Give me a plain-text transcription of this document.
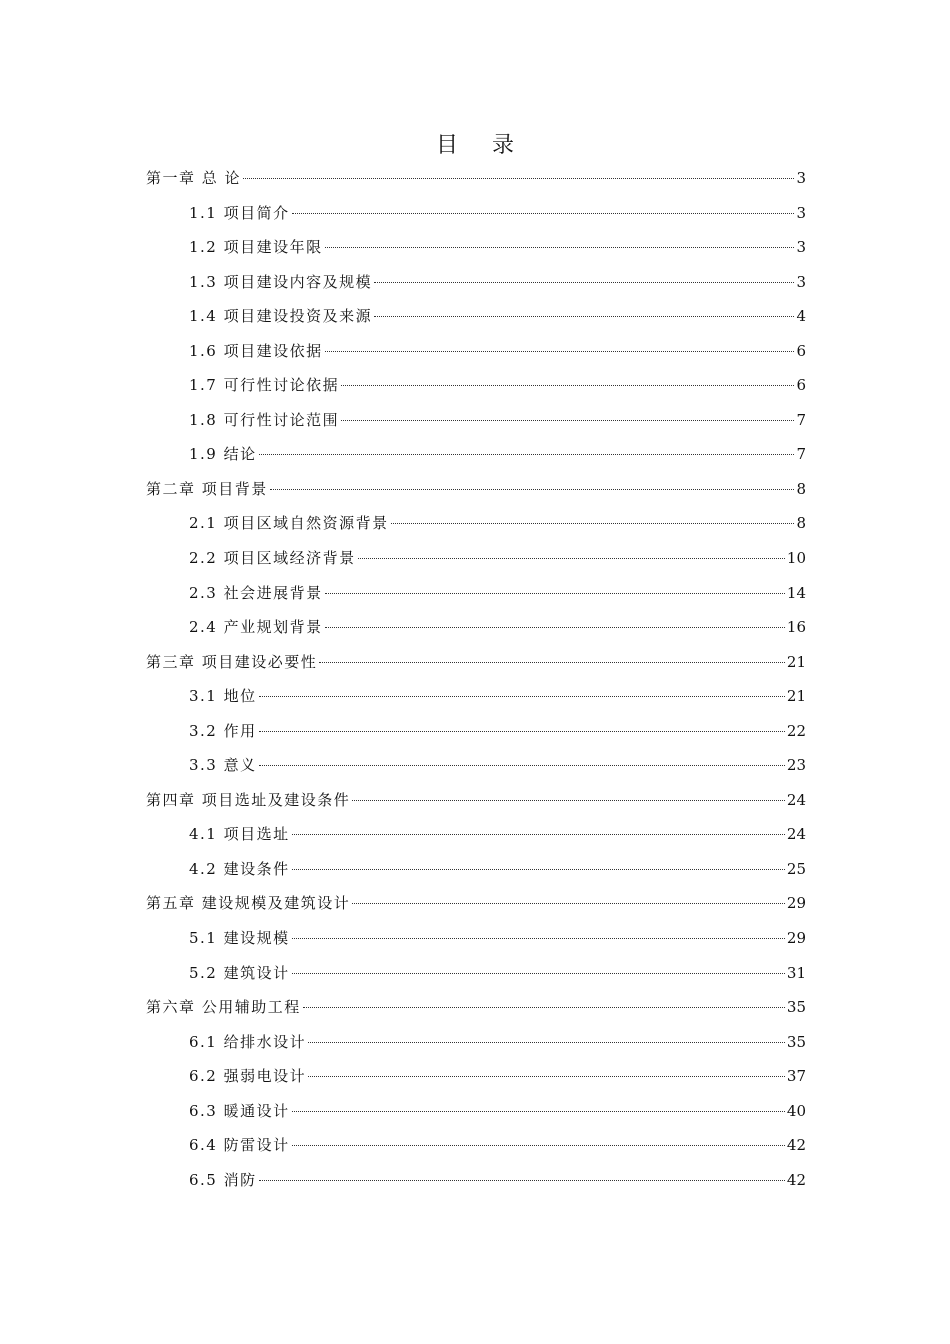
目录
第一章 总 论	3
1.1 项目简介	3
1.2 项目建设年限	3
1.3 项目建设内容及规模	3
1.4 项目建设投资及来源	4
1.6 项目建设依据	6
1.7 可行性讨论依据	6
1.8 可行性讨论范围	7
1.9 结论	7
第二章 项目背景	8
2.1 项目区域自然资源背景	8
2.2 项目区域经济背景	10
2.3 社会进展背景	14
2.4 产业规划背景	16
第三章 项目建设必要性	21
3.1 地位	21
3.2 作用	22
3.3 意义	23
第四章 项目选址及建设条件	24
4.1 项目选址	24
4.2 建设条件	25
第五章 建设规模及建筑设计	29
5.1 建设规模	29
5.2 建筑设计	31
第六章 公用辅助工程	35
6.1 给排水设计	35
6.2 强弱电设计	37
6.3 暖通设计	40
6.4 防雷设计	42
6.5 消防	42
